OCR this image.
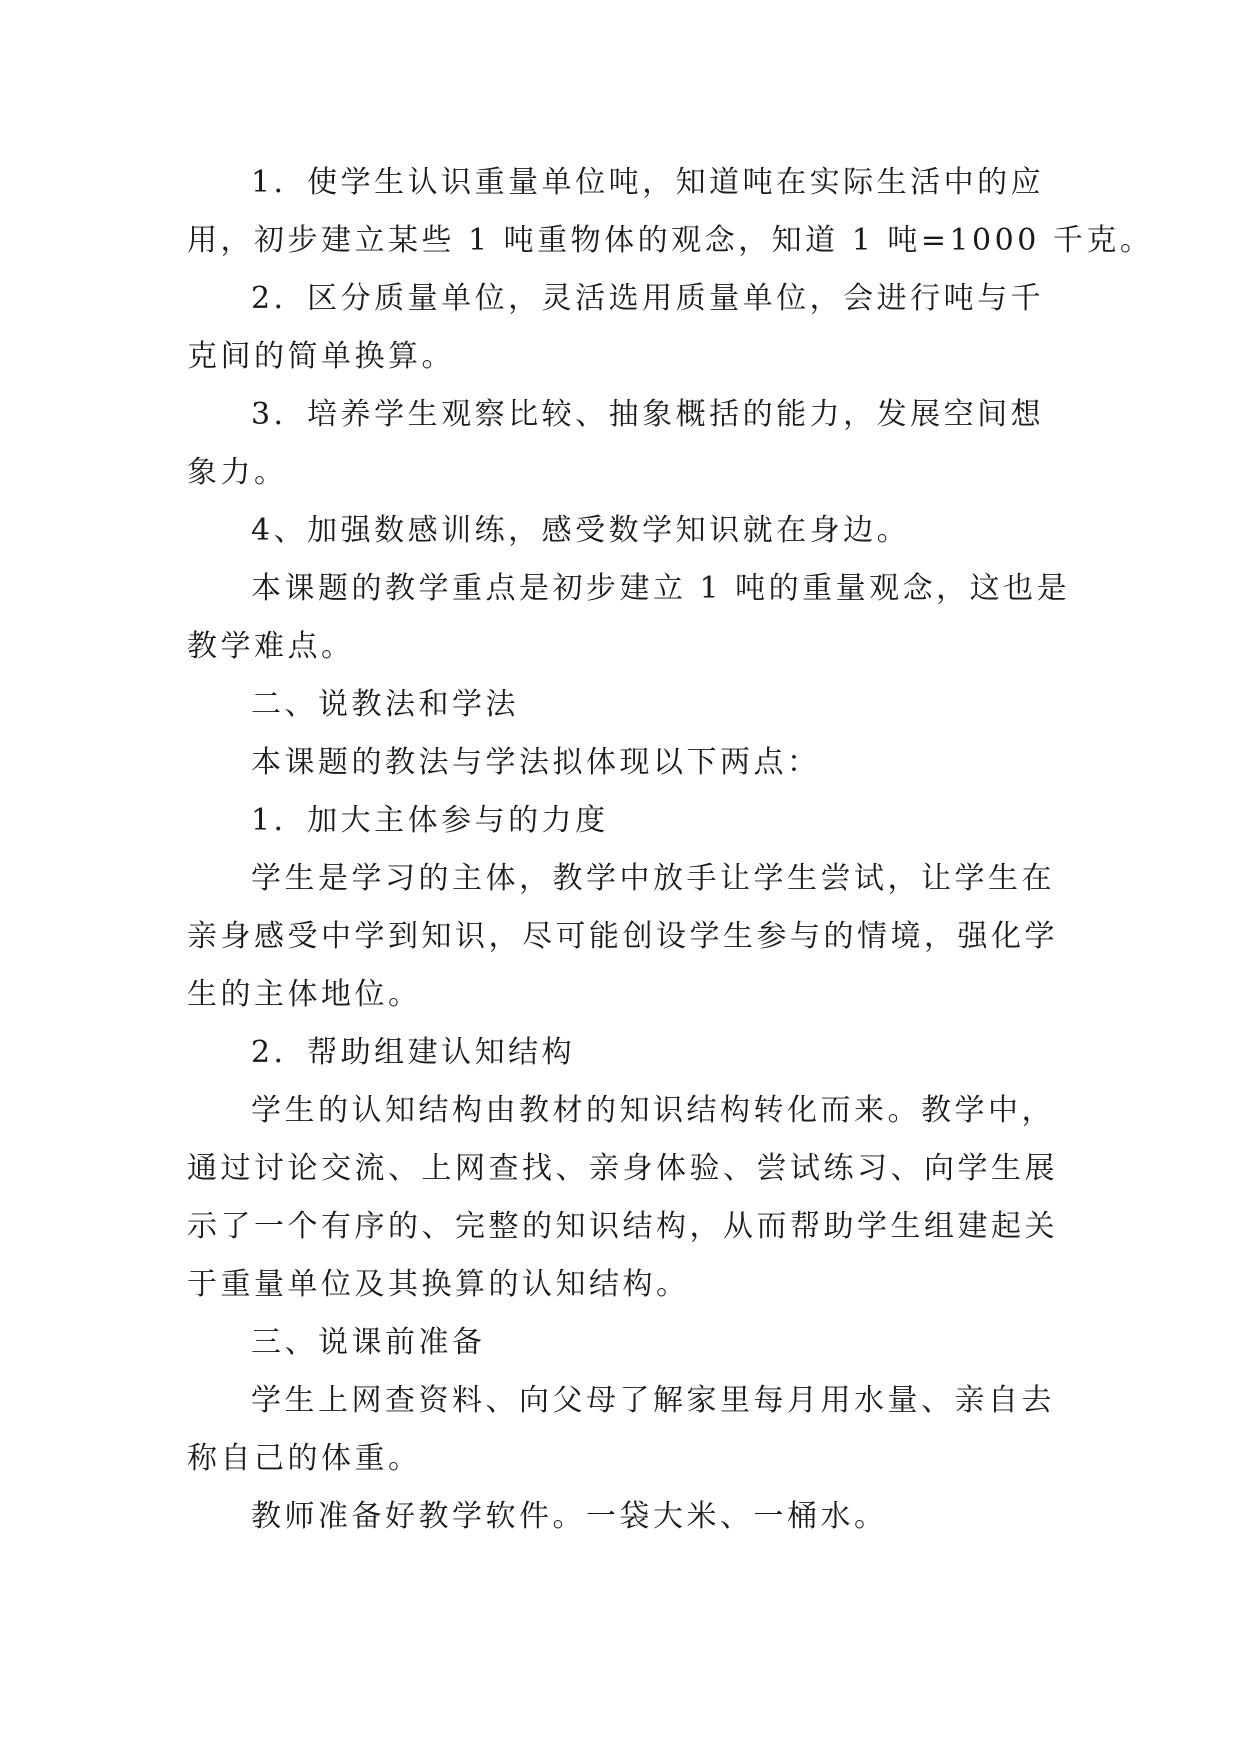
1．使学生认识重量单位吨，知道吨在实际生活中的应
用，初步建立某些 1 吨重物体的观念，知道 1 吨=1000 千克。
2．区分质量单位，灵活选用质量单位，会进行吨与千
克间的简单换算。
3．培养学生观察比较、抽象概括的能力，发展空间想
象力。
4、加强数感训练，感受数学知识就在身边。
本课题的教学重点是初步建立 1 吨的重量观念，这也是
教学难点。
二、说教法和学法
本课题的教法与学法拟体现以下两点：
1．加大主体参与的力度
学生是学习的主体，教学中放手让学生尝试，让学生在
亲身感受中学到知识，尽可能创设学生参与的情境，强化学
生的主体地位。
2．帮助组建认知结构
学生的认知结构由教材的知识结构转化而来。教学中，
通过讨论交流、上网查找、亲身体验、尝试练习、向学生展
示了一个有序的、完整的知识结构，从而帮助学生组建起关
于重量单位及其换算的认知结构。
三、说课前准备
学生上网查资料、向父母了解家里每月用水量、亲自去
称自己的体重。
教师准备好教学软件。一袋大米、一桶水。
